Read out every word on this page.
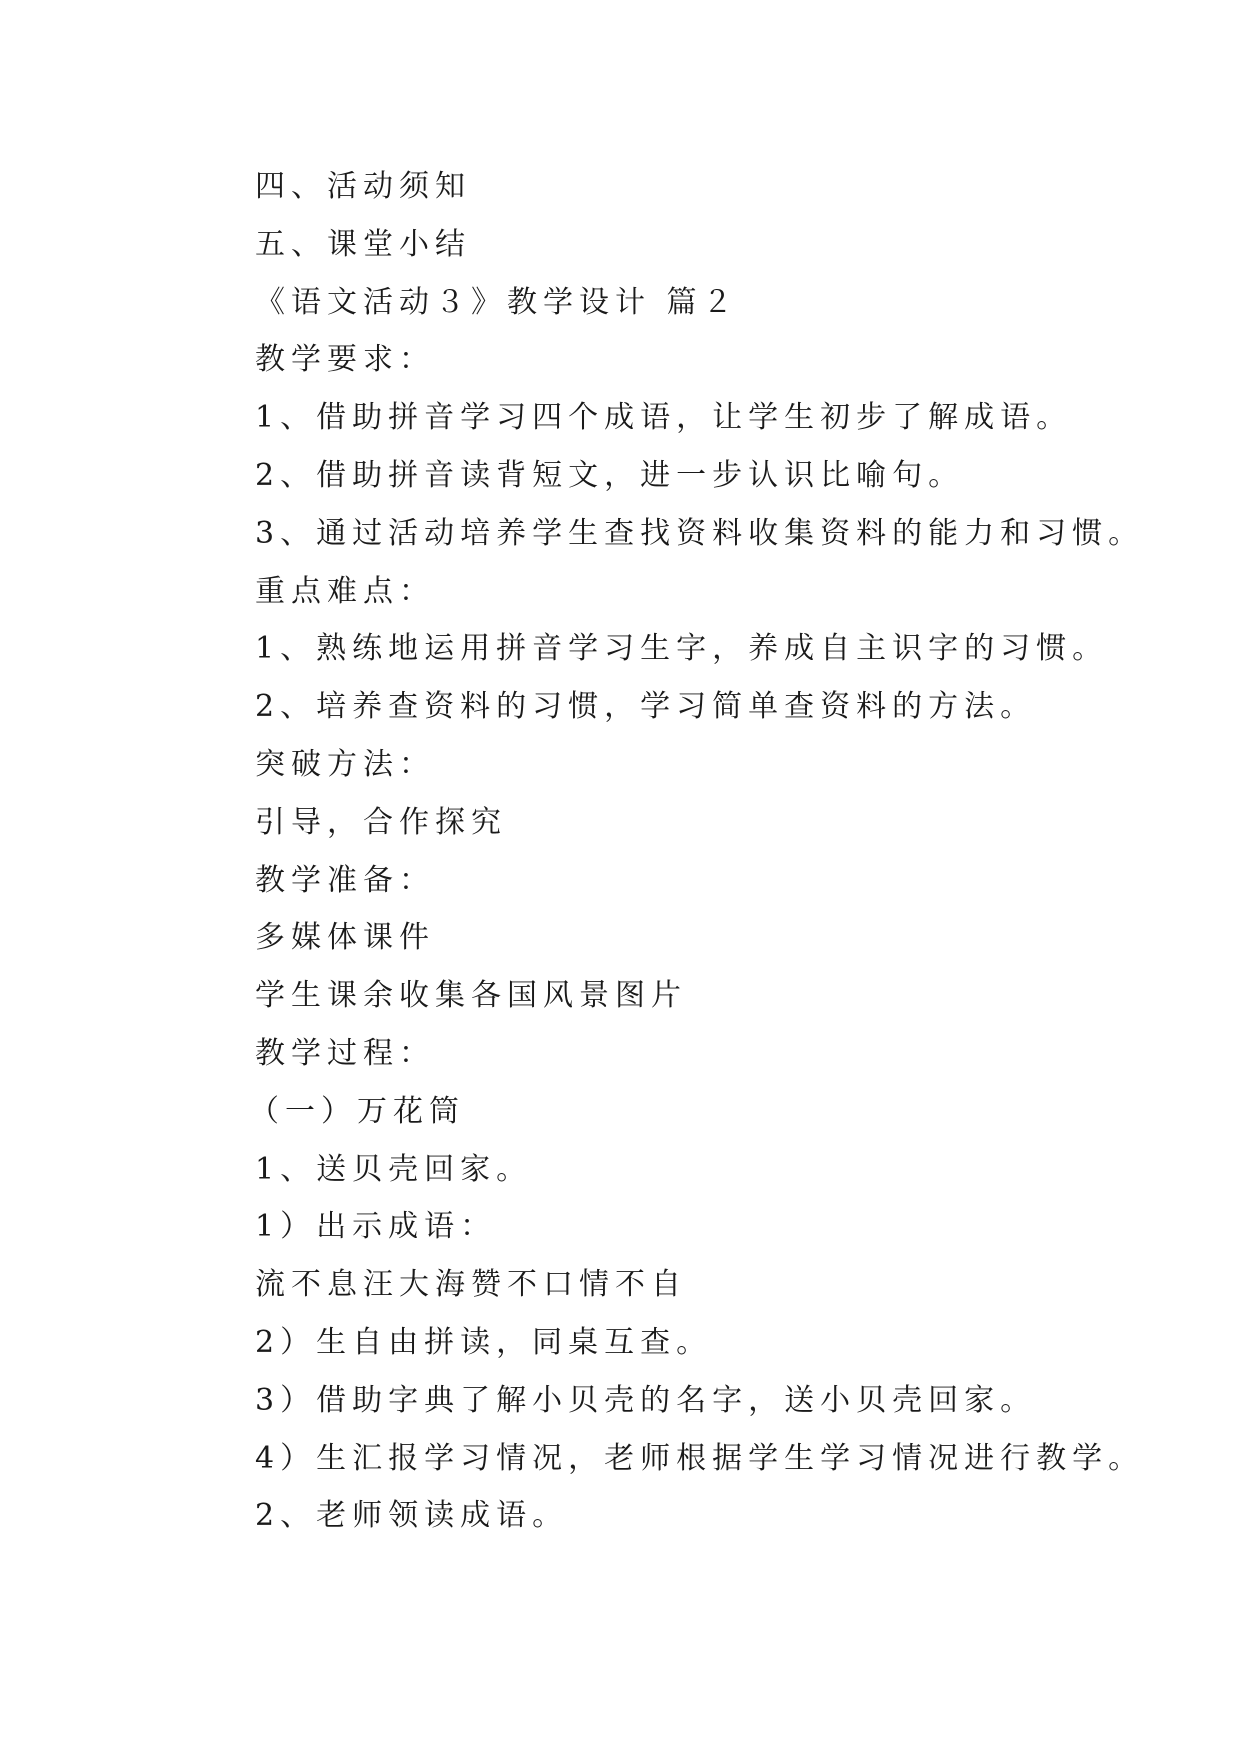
四、活动须知
五、课堂小结
《语文活动３》教学设计 篇２
教学要求：
1、借助拼音学习四个成语，让学生初步了解成语。
2、借助拼音读背短文，进一步认识比喻句。
3、通过活动培养学生查找资料收集资料的能力和习惯。
重点难点：
1、熟练地运用拼音学习生字，养成自主识字的习惯。
2、培养查资料的习惯，学习简单查资料的方法。
突破方法：
引导，合作探究
教学准备：
多媒体课件
学生课余收集各国风景图片
教学过程：
（一）万花筒
1、送贝壳回家。
1）出示成语：
流不息汪大海赞不口情不自
2）生自由拼读，同桌互查。
3）借助字典了解小贝壳的名字，送小贝壳回家。
4）生汇报学习情况，老师根据学生学习情况进行教学。
2、老师领读成语。
